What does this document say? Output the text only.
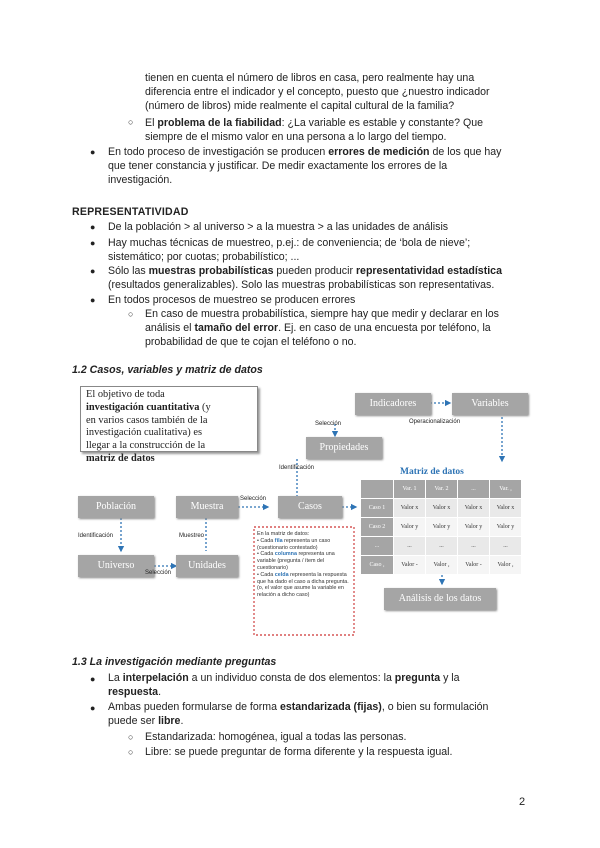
tienen en cuenta el número de libros en casa, pero realmente hay una
diferencia entre el indicador y el concepto, puesto que ¿nuestro indicador
(número de libros) mide realmente el capital cultural de la familia?
○ El problema de la fiabilidad: ¿La variable es estable y constante? Que
siempre de el mismo valor en una persona a lo largo del tiempo.
● En todo proceso de investigación se producen errores de medición de los que hay
que tener constancia y justificar. De medir exactamente los errores de la
investigación.
REPRESENTATIVIDAD
● De la población > al universo > a la muestra > a las unidades de análisis
● Hay muchas técnicas de muestreo, p.ej.: de conveniencia; de ‘bola de nieve’;
sistemático; por cuotas; probabilístico; ...
● Sólo las muestras probabilísticas pueden producir representatividad estadística
(resultados generalizables). Solo las muestras probabilísticas son representativas.
● En todos procesos de muestreo se producen errores
○ En caso de muestra probabilística, siempre hay que medir y declarar en los
análisis el tamaño del error. Ej. en caso de una encuesta por teléfono, la
probabilidad de que te cojan el teléfono o no.
1.2 Casos, variables y matriz de datos
El objetivo de toda
investigación cuantitativa (y
en varios casos también de la
investigación cualitativa) es
llegar a la construcción de la
matriz de datos
Indicadores	Variables
Propiedades
Población	Muestra	Casos
Universo	Unidades
Análisis de los datos
Selección	Operacionalización
Identificación
Selección
Identificación	Muestreo
Selección
Matriz de datos
	Var. 1	Var. 2	...	Var. ,
Caso 1	Valor x	Valor x	Valor x	Valor x
Caso 2	Valor y	Valor y	Valor y	Valor y
...	...	...	...	...
Caso ,	Valor -	Valor ,	Valor -	Valor ,
En la matriz de datos:
• Cada fila representa un caso (cuestionario contestado)
• Cada columna representa una variable (pregunta / ítem del cuestionario)
• Cada celda representa la respuesta que ha dado el caso a dicha pregunta. (o, el valor que asume la variable en relación a dicho caso)
1.3 La investigación mediante preguntas
● La interpelación a un individuo consta de dos elementos: la pregunta y la
respuesta.
● Ambas pueden formularse de forma estandarizada (fijas), o bien su formulación
puede ser libre.
○ Estandarizada: homogénea, igual a todas las personas.
○ Libre: se puede preguntar de forma diferente y la respuesta igual.
2
